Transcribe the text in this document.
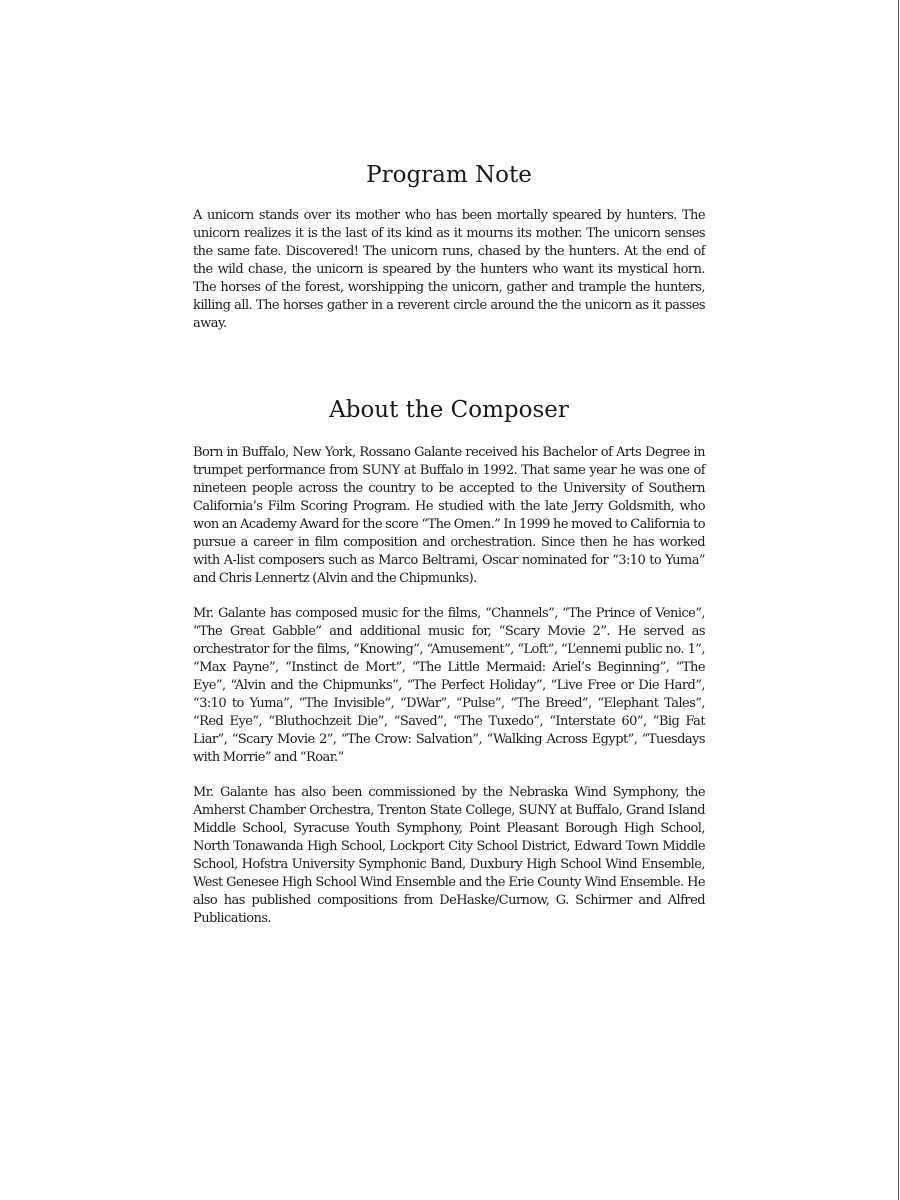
Program Note

A unicorn stands over its mother who has been mortally speared by hunters. The unicorn realizes it is the last of its kind as it mourns its mother. The unicorn senses the same fate. Discovered! The unicorn runs, chased by the hunters. At the end of the wild chase, the unicorn is speared by the hunters who want its mystical horn. The horses of the forest, worshipping the unicorn, gather and trample the hunters, killing all. The horses gather in a reverent circle around the the unicorn as it passes away.

About the Composer

Born in Buffalo, New York, Rossano Galante received his Bachelor of Arts Degree in trumpet performance from SUNY at Buffalo in 1992. That same year he was one of nineteen people across the country to be accepted to the University of Southern California’s Film Scoring Program. He studied with the late Jerry Goldsmith, who won an Academy Award for the score “The Omen.” In 1999 he moved to California to pursue a career in film composition and orchestration. Since then he has worked with A-list composers such as Marco Beltrami, Oscar nominated for “3:10 to Yuma” and Chris Lennertz (Alvin and the Chipmunks).

Mr. Galante has composed music for the films, “Channels”, “The Prince of Venice”, “The Great Gabble” and additional music for, “Scary Movie 2”. He served as orchestrator for the films, “Knowing”, “Amusement”, “Loft”, “L’ennemi public no. 1”, “Max Payne”, “Instinct de Mort”, “The Little Mermaid: Ariel’s Beginning”, “The Eye”, “Alvin and the Chipmunks”, “The Perfect Holiday”, “Live Free or Die Hard”, “3:10 to Yuma”, “The Invisible”, “DWar”, “Pulse”, “The Breed”, “Elephant Tales”, “Red Eye”, “Bluthochzeit Die”, “Saved”, “The Tuxedo”, “Interstate 60”, “Big Fat Liar”, “Scary Movie 2”, “The Crow: Salvation”, “Walking Across Egypt”, “Tuesdays with Morrie” and “Roar.”

Mr. Galante has also been commissioned by the Nebraska Wind Symphony, the Amherst Chamber Orchestra, Trenton State College, SUNY at Buffalo, Grand Island Middle School, Syracuse Youth Symphony, Point Pleasant Borough High School, North Tonawanda High School, Lockport City School District, Edward Town Middle School, Hofstra University Symphonic Band, Duxbury High School Wind Ensemble, West Genesee High School Wind Ensemble and the Erie County Wind Ensemble. He also has published compositions from DeHaske/Curnow, G. Schirmer and Alfred Publications.
